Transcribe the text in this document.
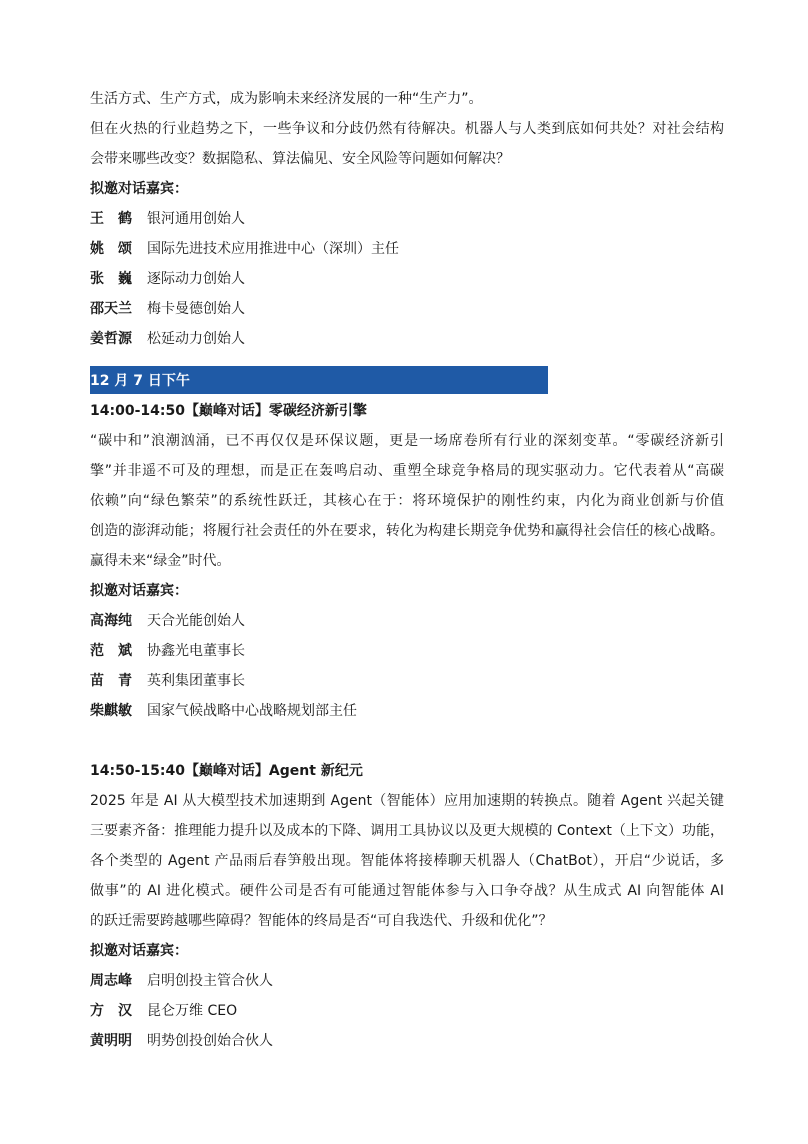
生活方式、生产方式，成为影响未来经济发展的一种“生产力”。
但在火热的行业趋势之下，一些争议和分歧仍然有待解决。机器人与人类到底如何共处？对社会结构
会带来哪些改变？数据隐私、算法偏见、安全风险等问题如何解决？
拟邀对话嘉宾：
王　鹤	银河通用创始人
姚　颂	国际先进技术应用推进中心（深圳）主任
张　巍	逐际动力创始人
邵天兰	梅卡曼德创始人
姜哲源	松延动力创始人
12 月 7 日下午
14:00-14:50【巅峰对话】零碳经济新引擎
“碳中和”浪潮汹涌，已不再仅仅是环保议题，更是一场席卷所有行业的深刻变革。“零碳经济新引
擎”并非遥不可及的理想，而是正在轰鸣启动、重塑全球竞争格局的现实驱动力。它代表着从“高碳
依赖”向“绿色繁荣”的系统性跃迁，其核心在于：将环境保护的刚性约束，内化为商业创新与价值
创造的澎湃动能；将履行社会责任的外在要求，转化为构建长期竞争优势和赢得社会信任的核心战略。
赢得未来“绿金”时代。
拟邀对话嘉宾：
高海纯	天合光能创始人
范　斌	协鑫光电董事长
苗　青	英利集团董事长
柴麒敏	国家气候战略中心战略规划部主任
14:50-15:40【巅峰对话】Agent 新纪元
2025 年是 AI 从大模型技术加速期到 Agent（智能体）应用加速期的转换点。随着 Agent 兴起关键
三要素齐备：推理能力提升以及成本的下降、调用工具协议以及更大规模的 Context（上下文）功能，
各个类型的 Agent 产品雨后春笋般出现。智能体将接棒聊天机器人（ChatBot），开启“少说话，多
做事”的 AI 进化模式。硬件公司是否有可能通过智能体参与入口争夺战？从生成式 AI 向智能体 AI
的跃迁需要跨越哪些障碍？智能体的终局是否“可自我迭代、升级和优化”？
拟邀对话嘉宾：
周志峰	启明创投主管合伙人
方　汉	昆仑万维 CEO
黄明明	明势创投创始合伙人
